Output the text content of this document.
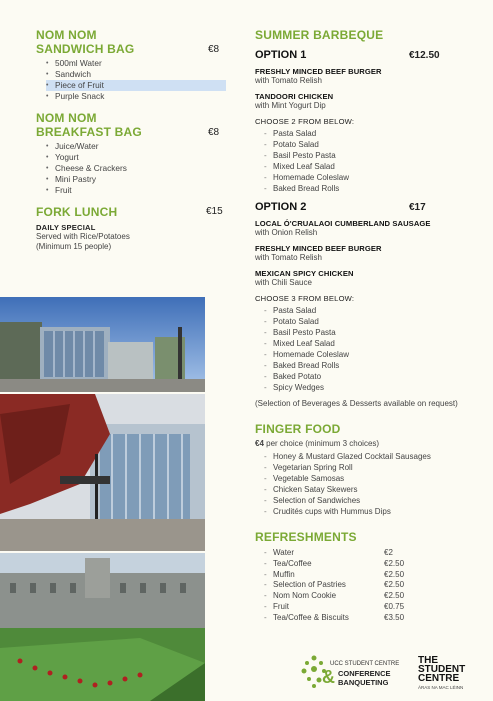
NOM NOM
SANDWICH BAG	€8
• 500ml Water
• Sandwich
• Piece of Fruit
• Purple Snack
NOM NOM
BREAKFAST BAG	€8
• Juice/Water
• Yogurt
• Cheese & Crackers
• Mini Pastry
• Fruit
FORK LUNCH	€15
DAILY SPECIAL
Served with Rice/Potatoes
(Minimum 15 people)
SUMMER BARBEQUE
OPTION 1	€12.50
FRESHLY MINCED BEEF BURGER
with Tomato Relish
TANDOORI CHICKEN
with Mint Yogurt Dip
CHOOSE 2 FROM BELOW:
- Pasta Salad
- Potato Salad
- Basil Pesto Pasta
- Mixed Leaf Salad
- Homemade Coleslaw
- Baked Bread Rolls
OPTION 2	€17
LOCAL Ó'CRUALAOI CUMBERLAND SAUSAGE
with Onion Relish
FRESHLY MINCED BEEF BURGER
with Tomato Relish
MEXICAN SPICY CHICKEN
with Chili Sauce
CHOOSE 3 FROM BELOW:
- Pasta Salad
- Potato Salad
- Basil Pesto Pasta
- Mixed Leaf Salad
- Homemade Coleslaw
- Baked Bread Rolls
- Baked Potato
- Spicy Wedges
(Selection of Beverages & Desserts available on request)
FINGER FOOD
€4 per choice (minimum 3 choices)
- Honey & Mustard Glazed Cocktail Sausages
- Vegetarian Spring Roll
- Vegetable Samosas
- Chicken Satay Skewers
- Selection of Sandwiches
- Crudités cups with Hummus Dips
REFRESHMENTS
- Water	€2
- Tea/Coffee	€2.50
- Muffin	€2.50
- Selection of Pastries	€2.50
- Nom Nom Cookie	€2.50
- Fruit	€0.75
- Tea/Coffee & Biscuits	€3.50
UCC STUDENT CENTRE
& CONFERENCE
BANQUETING
THE
STUDENT
CENTRE
ÁRAS NA MAC LÉINN
